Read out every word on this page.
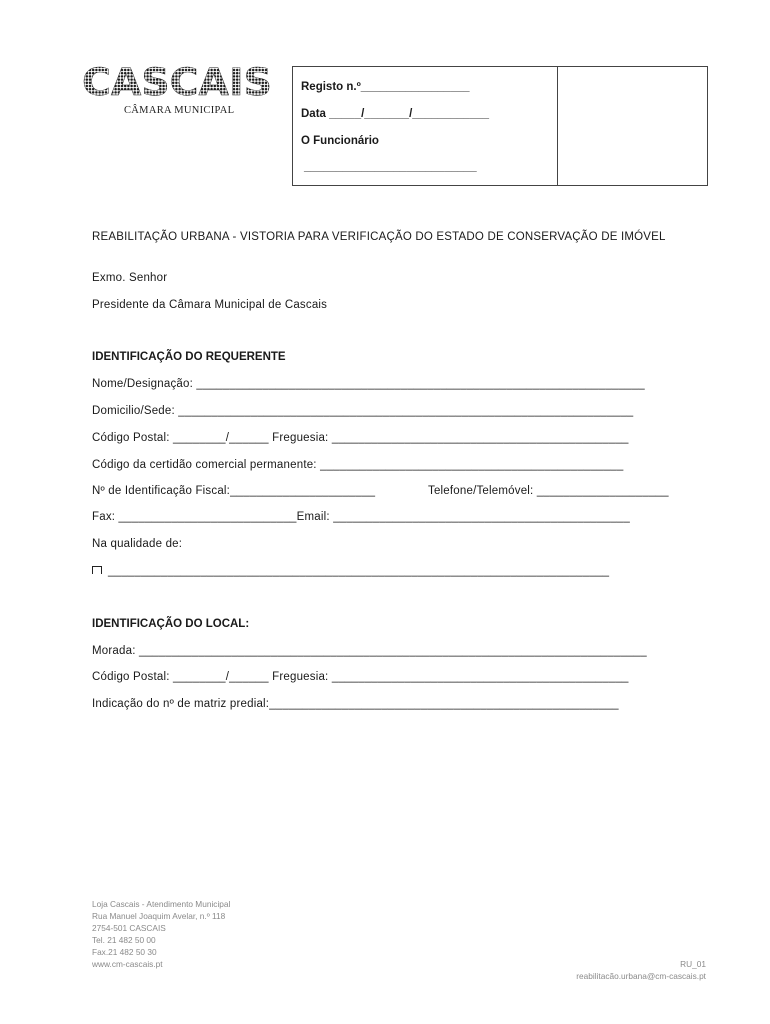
CASCAIS
CÂMARA MUNICIPAL
Registo n.º_________________
Data _____/_______/____________
O Funcionário
___________________________
REABILITAÇÃO URBANA - VISTORIA PARA VERIFICAÇÃO DO ESTADO DE CONSERVAÇÃO DE IMÓVEL
Exmo. Senhor
Presidente da Câmara Municipal de Cascais
IDENTIFICAÇÃO DO REQUERENTE
Nome/Designação: ____________________________________________________________________
Domicilio/Sede: _____________________________________________________________________
Código Postal: ________/______ Freguesia: _____________________________________________
Código da certidão comercial permanente: ______________________________________________
Nº de Identificação Fiscal:______________________	Telefone/Telemóvel: ____________________
Fax: ___________________________Email: _____________________________________________
Na qualidade de:
____________________________________________________________________________
IDENTIFICAÇÃO DO LOCAL:
Morada: _____________________________________________________________________________
Código Postal: ________/______ Freguesia: _____________________________________________
Indicação do nº de matriz predial:_____________________________________________________
Loja Cascais - Atendimento Municipal
Rua Manuel Joaquim Avelar, n.º 118
2754-501 CASCAIS
Tel. 21 482 50 00
Fax.21 482 50 30
www.cm-cascais.pt	RU_01
reabilitacão.urbana@cm-cascais.pt
